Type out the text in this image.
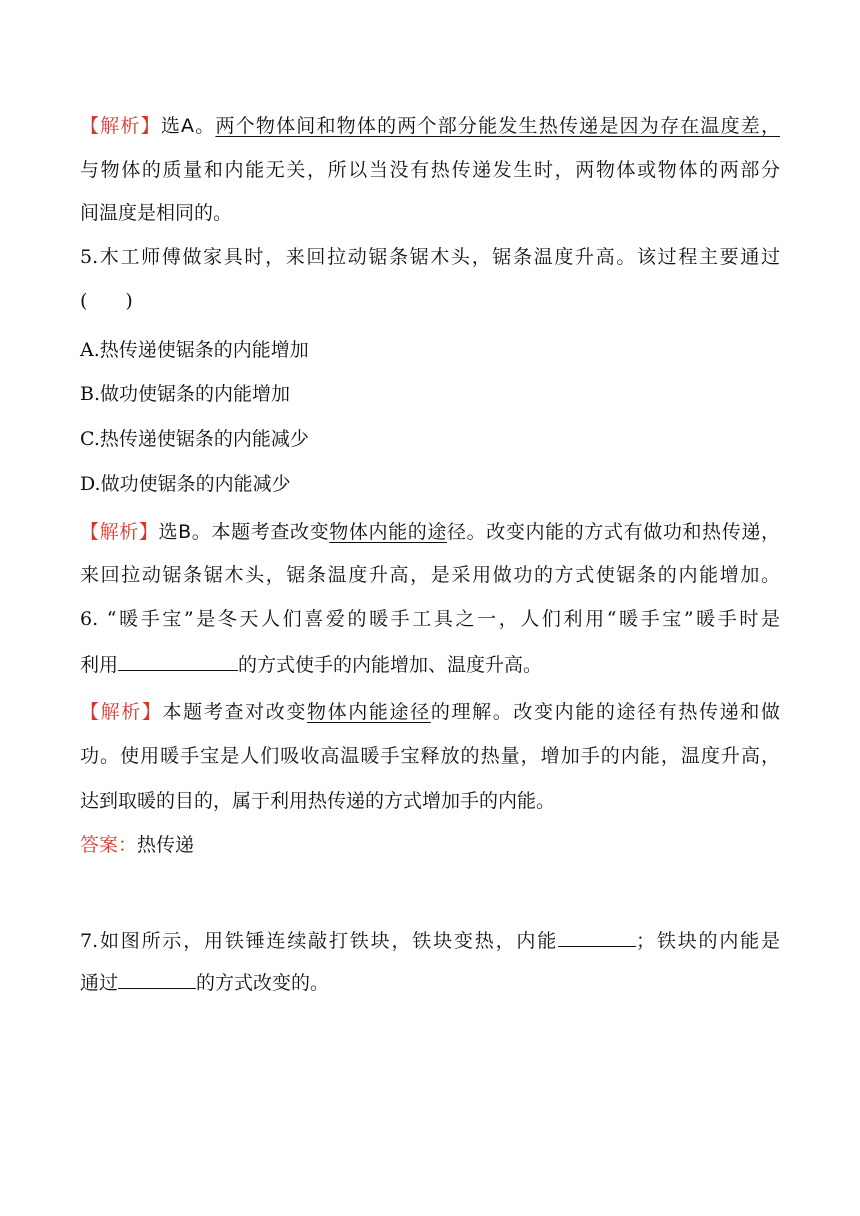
【解析】选A。两个物体间和物体的两个部分能发生热传递是因为存在温度差，
与物体的质量和内能无关，所以当没有热传递发生时，两物体或物体的两部分
间温度是相同的。
5.木工师傅做家具时，来回拉动锯条锯木头，锯条温度升高。该过程主要通过
(　　)
A.热传递使锯条的内能增加
B.做功使锯条的内能增加
C.热传递使锯条的内能减少
D.做功使锯条的内能减少
【解析】选B。本题考查改变物体内能的途径。改变内能的方式有做功和热传递，
来回拉动锯条锯木头，锯条温度升高，是采用做功的方式使锯条的内能增加。
6. “暖手宝”是冬天人们喜爱的暖手工具之一，人们利用“暖手宝”暖手时是
利用	的方式使手的内能增加、温度升高。
【解析】本题考查对改变物体内能途径的理解。改变内能的途径有热传递和做
功。使用暖手宝是人们吸收高温暖手宝释放的热量，增加手的内能，温度升高，
达到取暖的目的，属于利用热传递的方式增加手的内能。
答案：热传递
7.如图所示，用铁锤连续敲打铁块，铁块变热，内能	；铁块的内能是
通过	的方式改变的。
